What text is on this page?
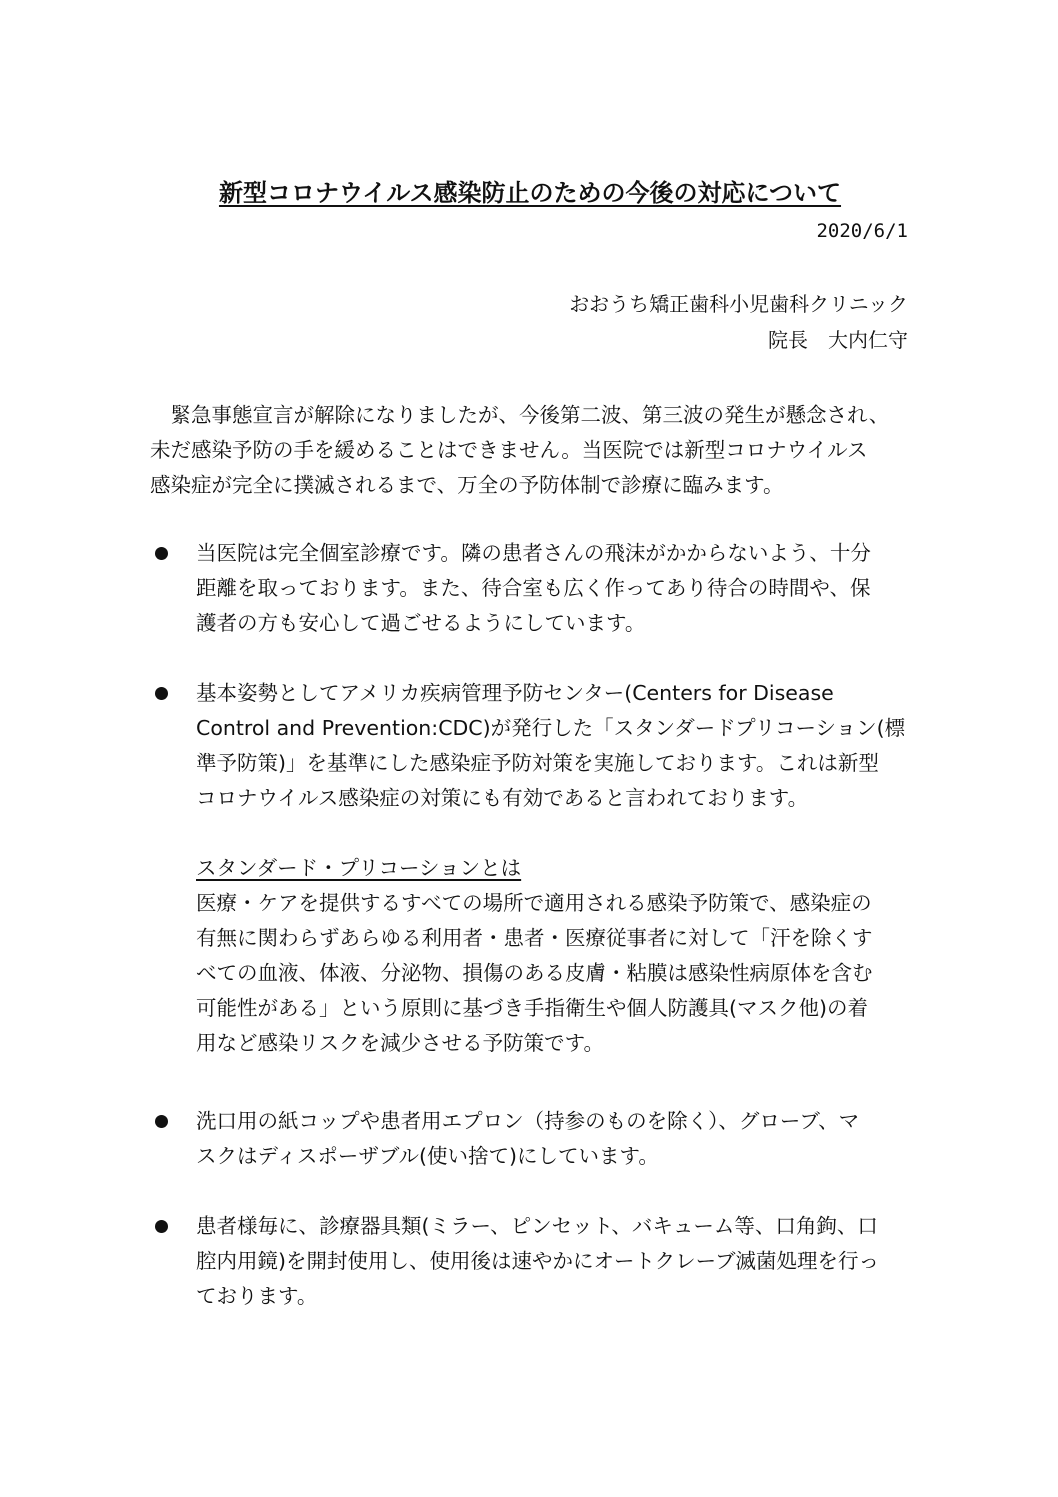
新型コロナウイルス感染防止のための今後の対応について
2020/6/1
おおうち矯正歯科小児歯科クリニック
院長　大内仁守
　緊急事態宣言が解除になりましたが、今後第二波、第三波の発生が懸念され、
未だ感染予防の手を緩めることはできません。当医院では新型コロナウイルス
感染症が完全に撲滅されるまで、万全の予防体制で診療に臨みます。
当医院は完全個室診療です。隣の患者さんの飛沫がかからないよう、十分
距離を取っております。また、待合室も広く作ってあり待合の時間や、保
護者の方も安心して過ごせるようにしています。
基本姿勢としてアメリカ疾病管理予防センター(Centers for Disease
Control and Prevention:CDC)が発行した「スタンダードプリコーション(標
準予防策)」を基準にした感染症予防対策を実施しております。これは新型
コロナウイルス感染症の対策にも有効であると言われております。
スタンダード・プリコーションとは
医療・ケアを提供するすべての場所で適用される感染予防策で、感染症の
有無に関わらずあらゆる利用者・患者・医療従事者に対して「汗を除くす
べての血液、体液、分泌物、損傷のある皮膚・粘膜は感染性病原体を含む
可能性がある」という原則に基づき手指衛生や個人防護具(マスク他)の着
用など感染リスクを減少させる予防策です。
洗口用の紙コップや患者用エプロン（持参のものを除く）、グローブ、マ
スクはディスポーザブル(使い捨て)にしています。
患者様毎に、診療器具類(ミラー、ピンセット、バキューム等、口角鉤、口
腔内用鏡)を開封使用し、使用後は速やかにオートクレーブ滅菌処理を行っ
ております。
